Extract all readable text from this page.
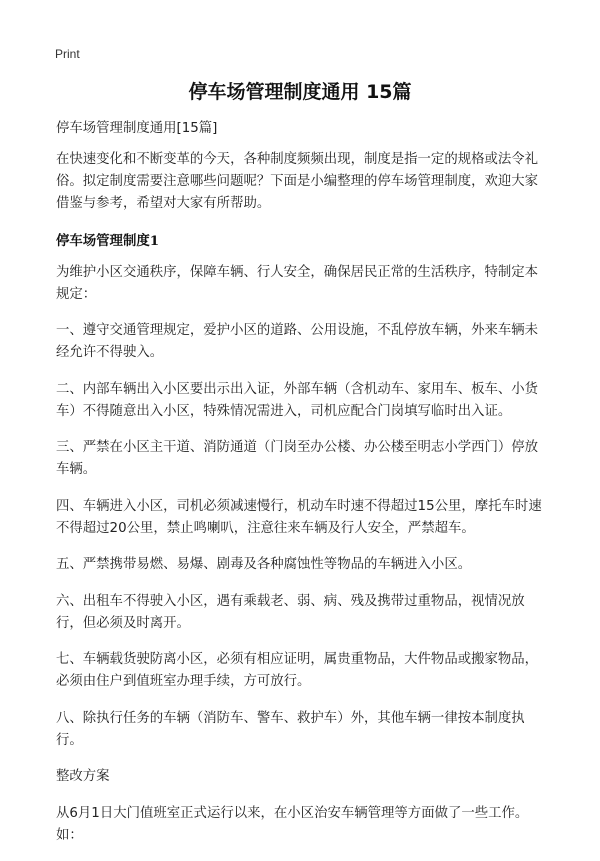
Print
停车场管理制度通用 15篇

停车场管理制度通用[15篇]

在快速变化和不断变革的今天，各种制度频频出现，制度是指一定的规格或法令礼俗。拟定制度需要注意哪些问题呢？下面是小编整理的停车场管理制度，欢迎大家借鉴与参考，希望对大家有所帮助。

停车场管理制度1

为维护小区交通秩序，保障车辆、行人安全，确保居民正常的生活秩序，特制定本规定：

一、遵守交通管理规定，爱护小区的道路、公用设施，不乱停放车辆，外来车辆未经允许不得驶入。

二、内部车辆出入小区要出示出入证，外部车辆（含机动车、家用车、板车、小货车）不得随意出入小区，特殊情况需进入，司机应配合门岗填写临时出入证。

三、严禁在小区主干道、消防通道（门岗至办公楼、办公楼至明志小学西门）停放车辆。

四、车辆进入小区，司机必须减速慢行，机动车时速不得超过15公里，摩托车时速不得超过20公里，禁止鸣喇叭，注意往来车辆及行人安全，严禁超车。

五、严禁携带易燃、易爆、剧毒及各种腐蚀性等物品的车辆进入小区。

六、出租车不得驶入小区，遇有乘载老、弱、病、残及携带过重物品，视情况放行，但必须及时离开。

七、车辆载货驶防离小区，必须有相应证明，属贵重物品，大件物品或搬家物品，必须由住户到值班室办理手续，方可放行。

八、除执行任务的车辆（消防车、警车、救护车）外，其他车辆一律按本制度执行。

整改方案

从6月1日大门值班室正式运行以来，在小区治安车辆管理等方面做了一些工作。如：
